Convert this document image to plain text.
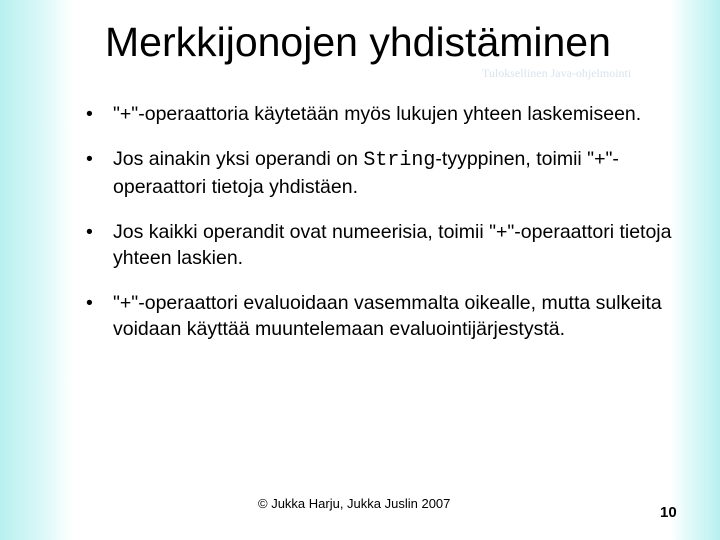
Merkkijonojen yhdistäminen
Tuloksellinen Java-ohjelmointi
• "+"-operaattoria käytetään myös lukujen yhteen laskemiseen.
• Jos ainakin yksi operandi on String-tyyppinen, toimii "+"-operaattori tietoja yhdistäen.
• Jos kaikki operandit ovat numeerisia, toimii "+"-operaattori tietoja yhteen laskien.
• "+"-operaattori evaluoidaan vasemmalta oikealle, mutta sulkeita voidaan käyttää muuntelemaan evaluointijärjestystä.
© Jukka Harju, Jukka Juslin 2007
10
